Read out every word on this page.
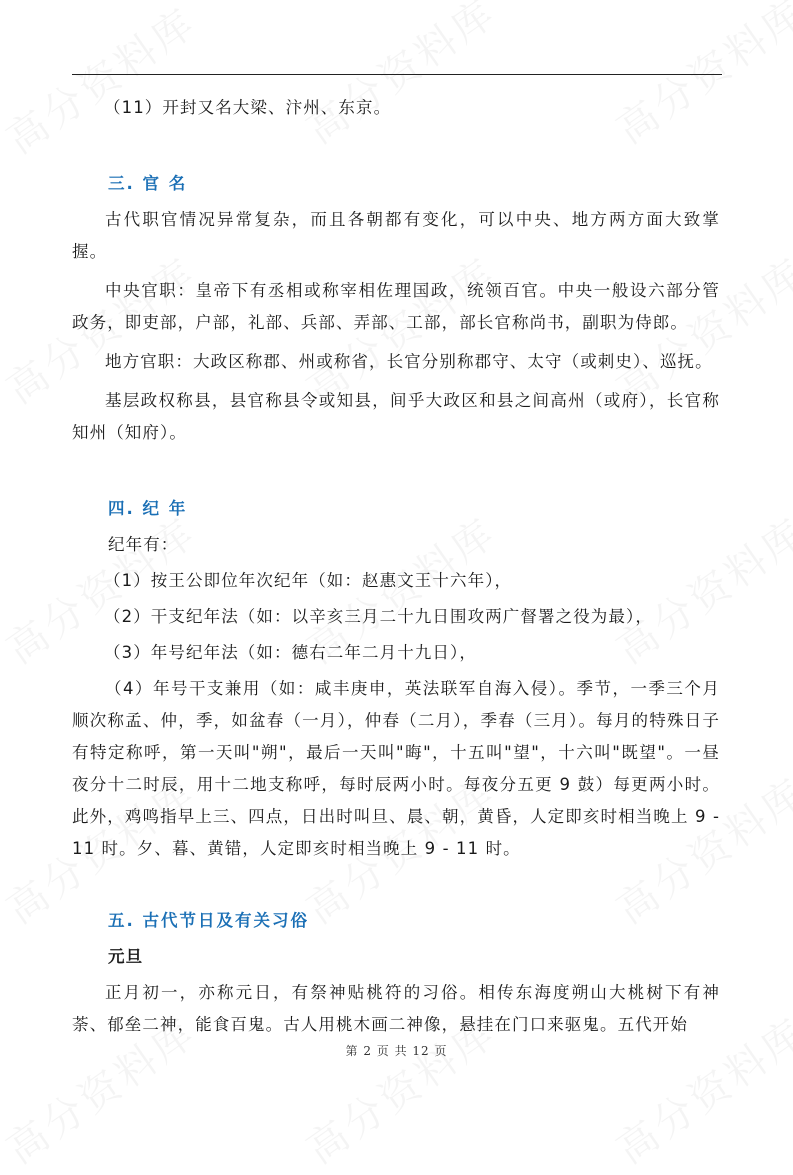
（11）开封又名大梁、汴州、东京。

三. 官 名

古代职官情况异常复杂，而且各朝都有变化，可以中央、地方两方面大致掌握。

中央官职：皇帝下有丞相或称宰相佐理国政，统领百官。中央一般设六部分管政务，即吏部，户部，礼部、兵部、弄部、工部，部长官称尚书，副职为侍郎。

地方官职：大政区称郡、州或称省，长官分别称郡守、太守（或刺史）、巡抚。

基层政权称县，县官称县令或知县，间乎大政区和县之间高州（或府），长官称知州（知府）。

四. 纪 年

纪年有：

（1）按王公即位年次纪年（如：赵惠文王十六年），

（2）干支纪年法（如：以辛亥三月二十九日围攻两广督署之役为最），

（3）年号纪年法（如：德右二年二月十九日），

（4）年号干支兼用（如：咸丰庚申，英法联军自海入侵）。季节，一季三个月顺次称孟、仲，季，如盆春（一月），仲春（二月），季春（三月）。每月的特殊日子有特定称呼，第一天叫"朔"，最后一天叫"晦"，十五叫"望"，十六叫"既望"。一昼夜分十二时辰，用十二地支称呼，每时辰两小时。每夜分五更 9 鼓）每更两小时。此外，鸡鸣指早上三、四点，日出时叫旦、晨、朝，黄昏，人定即亥时相当晚上 9 - 11 时。夕、暮、黄错，人定即亥时相当晚上 9 - 11 时。

五. 古代节日及有关习俗

元旦

正月初一，亦称元日，有祭神贴桃符的习俗。相传东海度朔山大桃树下有神荼、郁垒二神，能食百鬼。古人用桃木画二神像，悬挂在门口来驱鬼。五代开始

第 2 页 共 12 页
